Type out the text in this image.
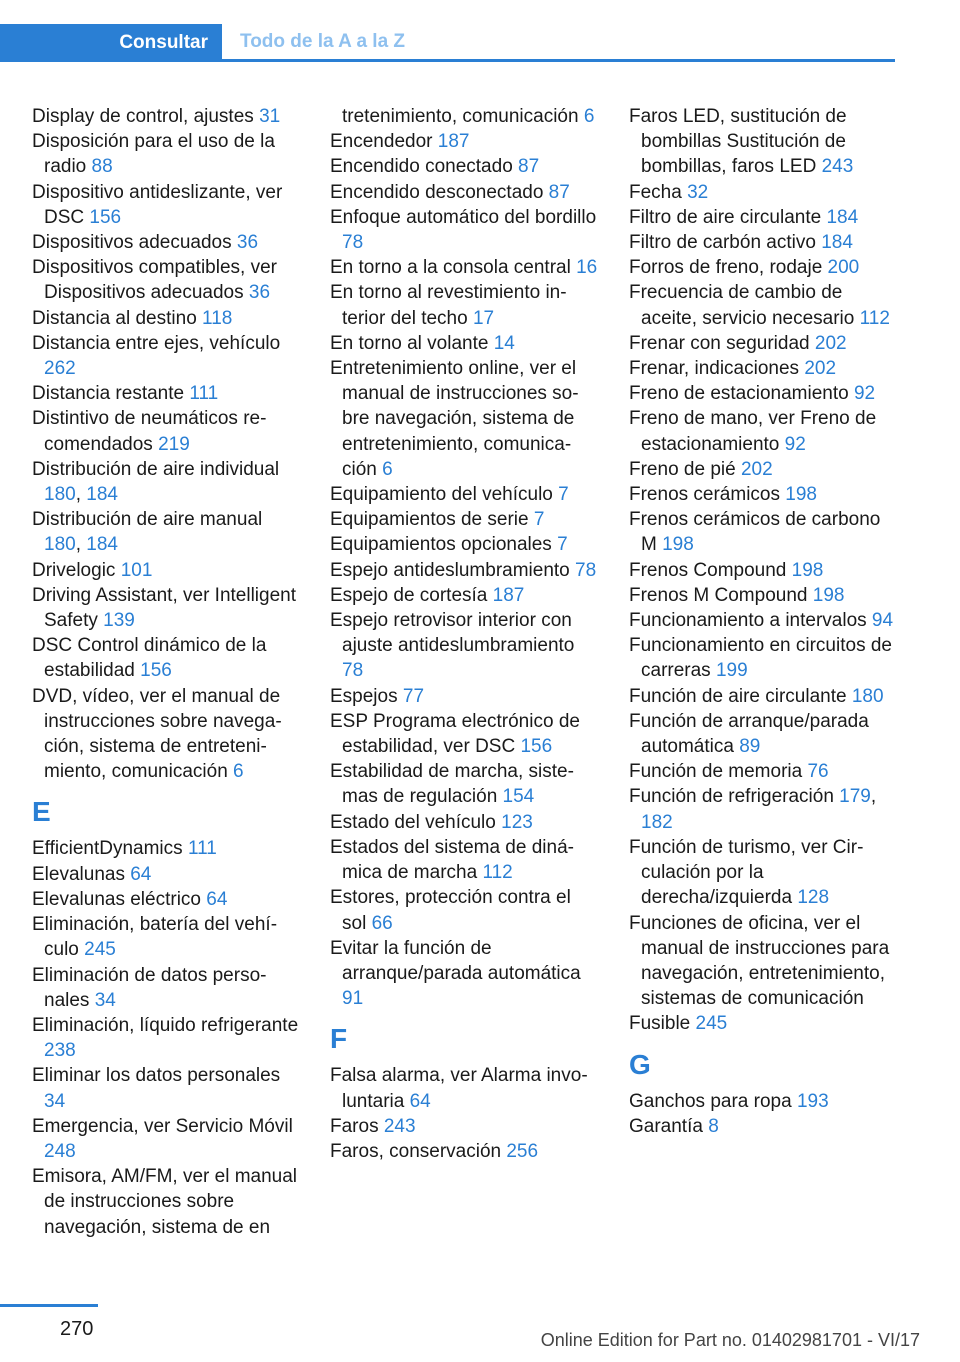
Consultar	Todo de la A a la Z
Display de control, ajustes 31
Disposición para el uso de la radio 88
Dispositivo antideslizante, ver DSC 156
Dispositivos adecuados 36
Dispositivos compatibles, ver Dispositivos adecuados 36
Distancia al destino 118
Distancia entre ejes, vehículo 262
Distancia restante 111
Distintivo de neumáticos recomendados 219
Distribución de aire individual 180, 184
Distribución de aire manual 180, 184
Drivelogic 101
Driving Assistant, ver Intelligent Safety 139
DSC Control dinámico de la estabilidad 156
DVD, vídeo, ver el manual de instrucciones sobre navegación, sistema de entretenimiento, comunicación 6
E
EfficientDynamics 111
Elevalunas 64
Elevalunas eléctrico 64
Eliminación, batería del vehículo 245
Eliminación de datos personales 34
Eliminación, líquido refrigerante 238
Eliminar los datos personales 34
Emergencia, ver Servicio Móvil 248
Emisora, AM/FM, ver el manual de instrucciones sobre navegación, sistema de en
tretenimiento, comunicación 6
Encendedor 187
Encendido conectado 87
Encendido desconectado 87
Enfoque automático del bordillo 78
En torno a la consola central 16
En torno al revestimiento interior del techo 17
En torno al volante 14
Entretenimiento online, ver el manual de instrucciones sobre navegación, sistema de entretenimiento, comunicación 6
Equipamiento del vehículo 7
Equipamientos de serie 7
Equipamientos opcionales 7
Espejo antideslumbramiento 78
Espejo de cortesía 187
Espejo retrovisor interior con ajuste antideslumbramiento 78
Espejos 77
ESP Programa electrónico de estabilidad, ver DSC 156
Estabilidad de marcha, sistemas de regulación 154
Estado del vehículo 123
Estados del sistema de dinámica de marcha 112
Estores, protección contra el sol 66
Evitar la función de arranque/parada automática 91
F
Falsa alarma, ver Alarma involuntaria 64
Faros 243
Faros, conservación 256
Faros LED, sustitución de bombillas Sustitución de bombillas, faros LED 243
Fecha 32
Filtro de aire circulante 184
Filtro de carbón activo 184
Forros de freno, rodaje 200
Frecuencia de cambio de aceite, servicio necesario 112
Frenar con seguridad 202
Frenar, indicaciones 202
Freno de estacionamiento 92
Freno de mano, ver Freno de estacionamiento 92
Freno de pié 202
Frenos cerámicos 198
Frenos cerámicos de carbono M 198
Frenos Compound 198
Frenos M Compound 198
Funcionamiento a intervalos 94
Funcionamiento en circuitos de carreras 199
Función de aire circulante 180
Función de arranque/parada automática 89
Función de memoria 76
Función de refrigeración 179, 182
Función de turismo, ver Circulación por la derecha/izquierda 128
Funciones de oficina, ver el manual de instrucciones para navegación, entretenimiento, sistemas de comunicación
Fusible 245
G
Ganchos para ropa 193
Garantía 8
270	Online Edition for Part no. 01402981701 - VI/17
